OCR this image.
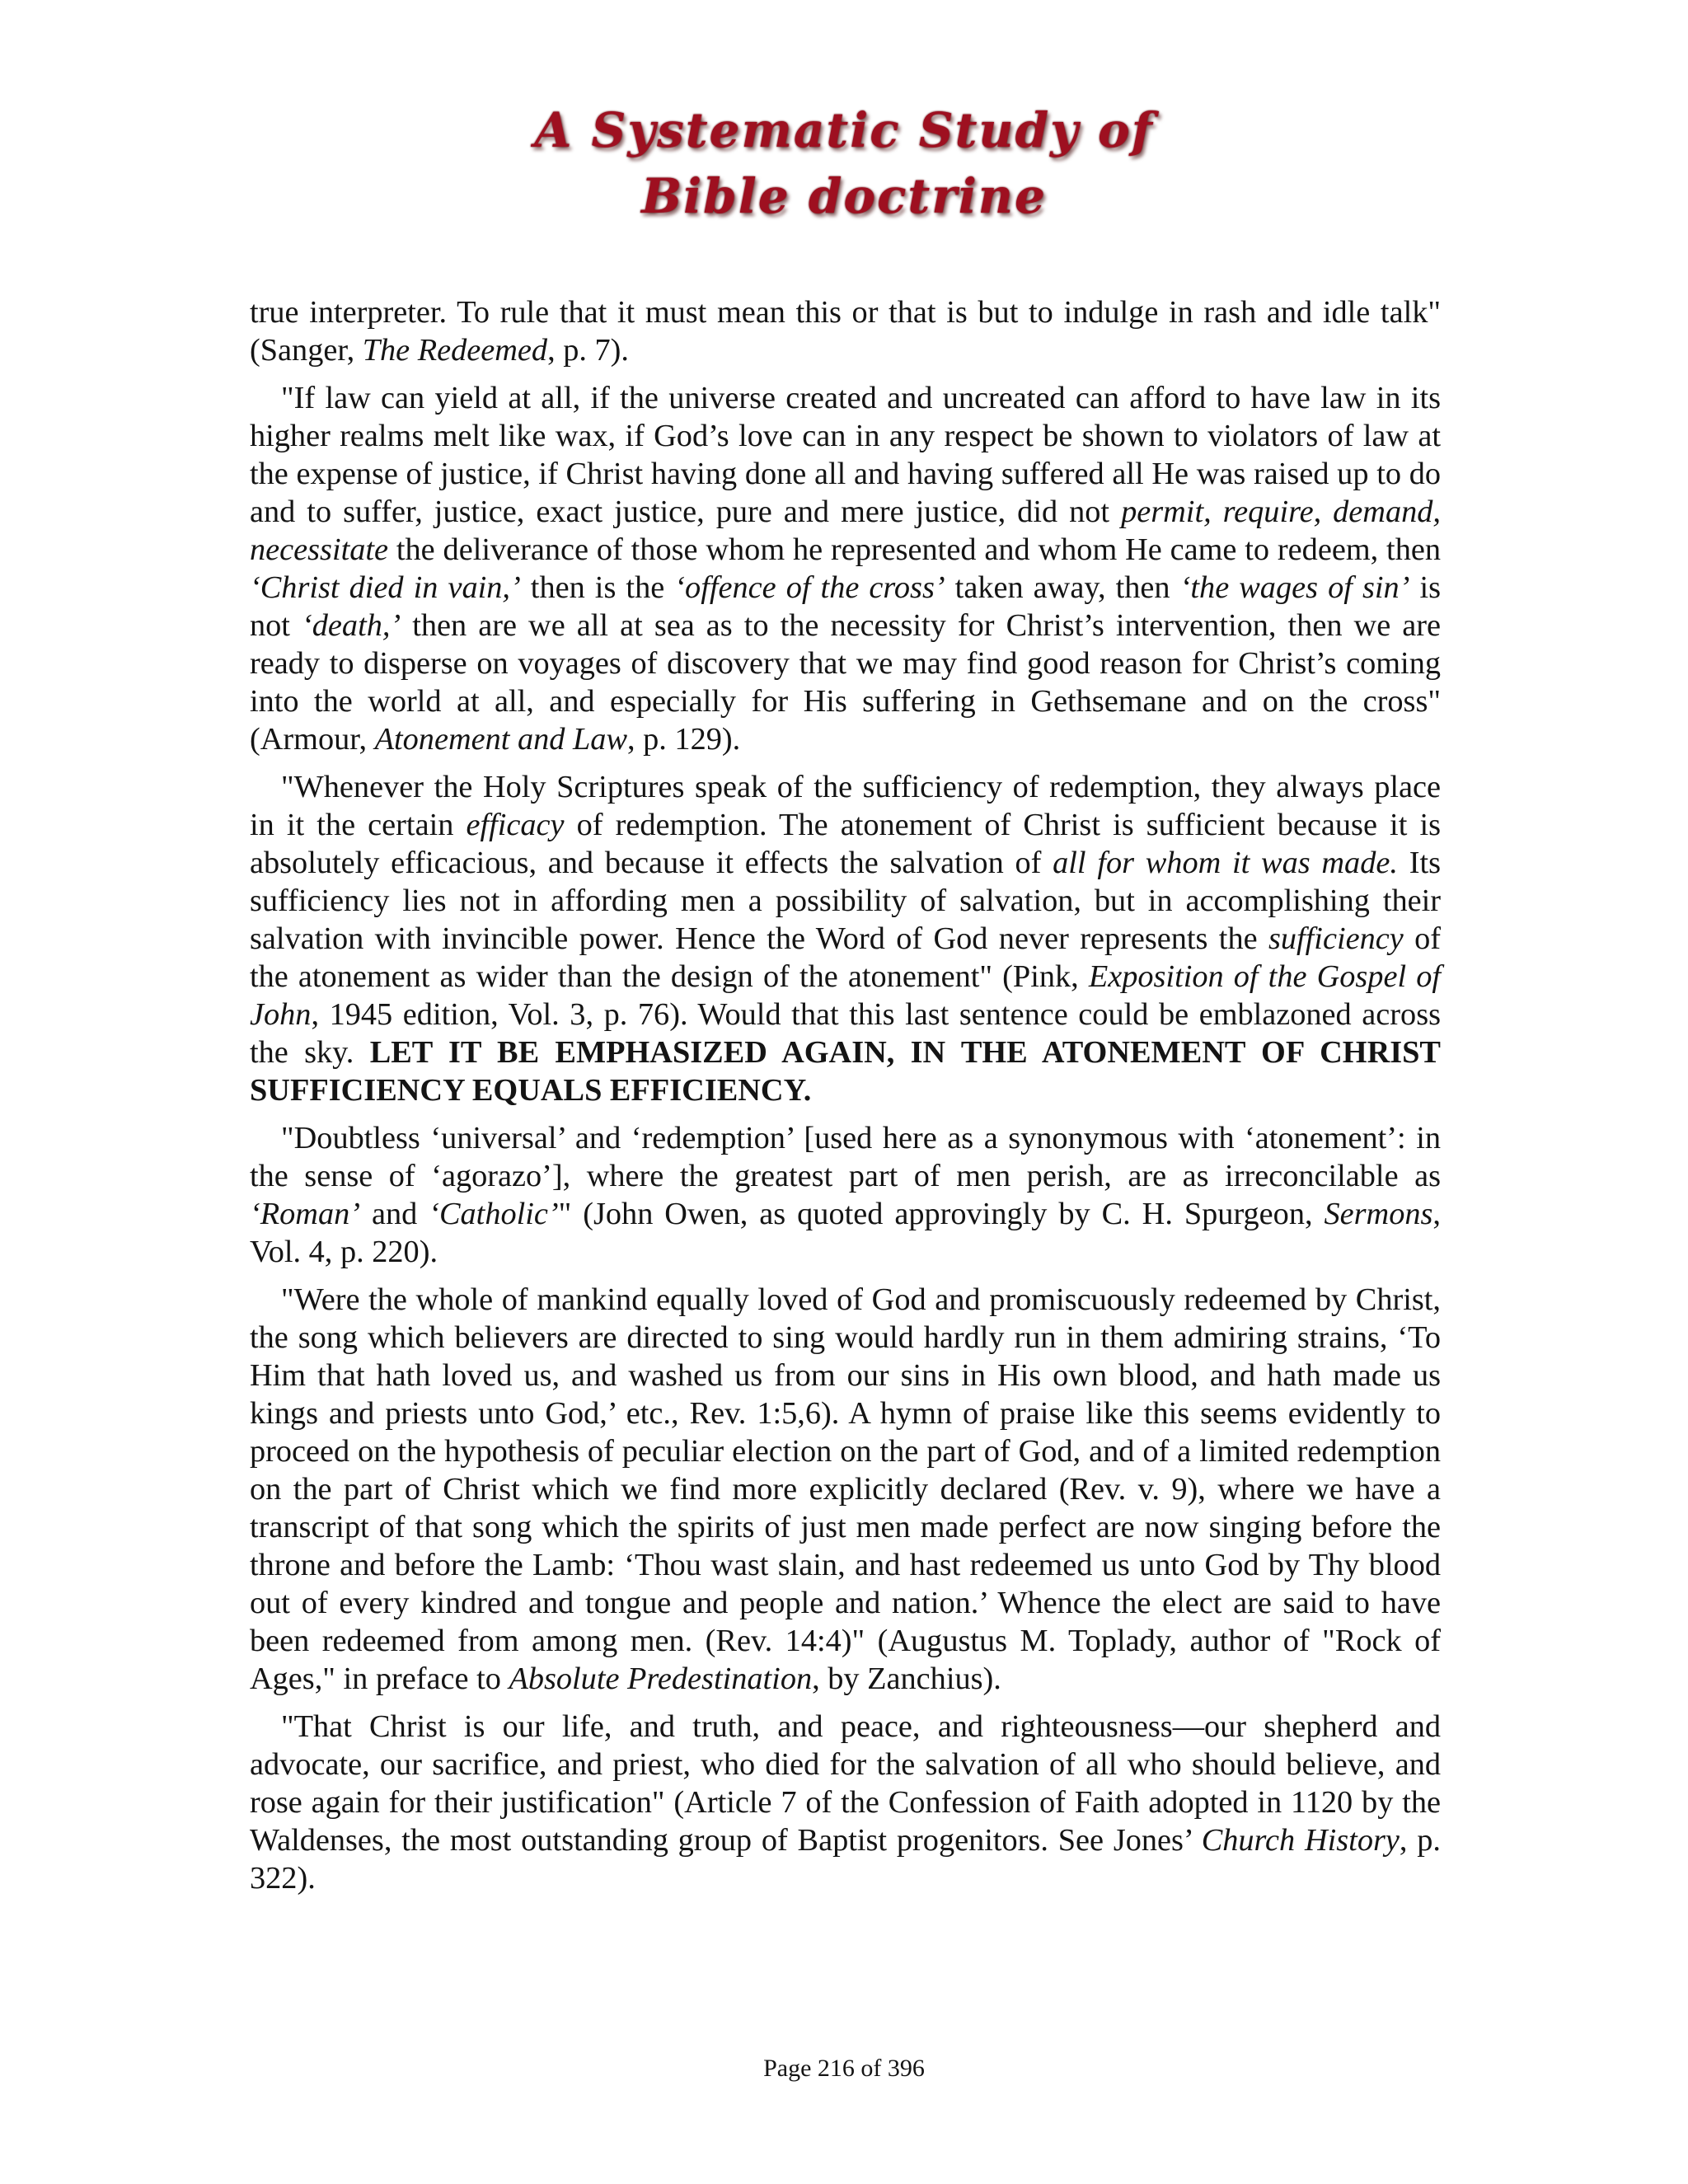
A Systematic Study of
Bible doctrine

true interpreter. To rule that it must mean this or that is but to indulge in rash and idle talk" (Sanger, The Redeemed, p. 7).

"If law can yield at all, if the universe created and uncreated can afford to have law in its higher realms melt like wax, if God’s love can in any respect be shown to violators of law at the expense of justice, if Christ having done all and having suffered all He was raised up to do and to suffer, justice, exact justice, pure and mere justice, did not permit, require, demand, necessitate the deliverance of those whom he represented and whom He came to redeem, then ‘Christ died in vain,’ then is the ‘offence of the cross’ taken away, then ‘the wages of sin’ is not ‘death,’ then are we all at sea as to the necessity for Christ’s intervention, then we are ready to disperse on voyages of discovery that we may find good reason for Christ’s coming into the world at all, and especially for His suffering in Gethsemane and on the cross" (Armour, Atonement and Law, p. 129).

"Whenever the Holy Scriptures speak of the sufficiency of redemption, they always place in it the certain efficacy of redemption. The atonement of Christ is sufficient because it is absolutely efficacious, and because it effects the salvation of all for whom it was made. Its sufficiency lies not in affording men a possibility of salvation, but in accomplishing their salvation with invincible power. Hence the Word of God never represents the sufficiency of the atonement as wider than the design of the atonement" (Pink, Exposition of the Gospel of John, 1945 edition, Vol. 3, p. 76). Would that this last sentence could be emblazoned across the sky. LET IT BE EMPHASIZED AGAIN, IN THE ATONEMENT OF CHRIST SUFFICIENCY EQUALS EFFICIENCY.

"Doubtless ‘universal’ and ‘redemption’ [used here as a synonymous with ‘atonement’: in the sense of ‘agorazo’], where the greatest part of men perish, are as irreconcilable as ‘Roman’ and ‘Catholic’" (John Owen, as quoted approvingly by C. H. Spurgeon, Sermons, Vol. 4, p. 220).

"Were the whole of mankind equally loved of God and promiscuously redeemed by Christ, the song which believers are directed to sing would hardly run in them admiring strains, ‘To Him that hath loved us, and washed us from our sins in His own blood, and hath made us kings and priests unto God,’ etc., Rev. 1:5,6). A hymn of praise like this seems evidently to proceed on the hypothesis of peculiar election on the part of God, and of a limited redemption on the part of Christ which we find more explicitly declared (Rev. v. 9), where we have a transcript of that song which the spirits of just men made perfect are now singing before the throne and before the Lamb: ‘Thou wast slain, and hast redeemed us unto God by Thy blood out of every kindred and tongue and people and nation.’ Whence the elect are said to have been redeemed from among men. (Rev. 14:4)" (Augustus M. Toplady, author of "Rock of Ages," in preface to Absolute Predestination, by Zanchius).

"That Christ is our life, and truth, and peace, and righteousness—our shepherd and advocate, our sacrifice, and priest, who died for the salvation of all who should believe, and rose again for their justification" (Article 7 of the Confession of Faith adopted in 1120 by the Waldenses, the most outstanding group of Baptist progenitors. See Jones’ Church History, p. 322).

Page 216 of 396
